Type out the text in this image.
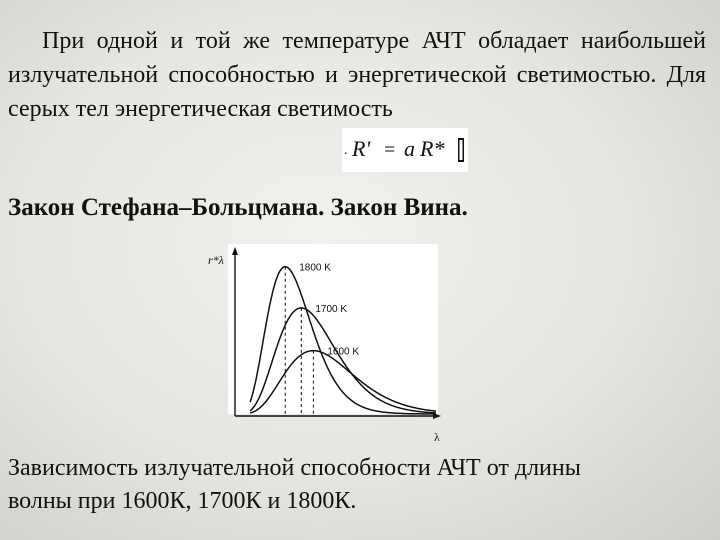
При одной и той же температуре АЧТ обладает наибольшей излучательной способностью и энергетической светимостью. Для серых тел энергетическая светимость
. R' = a R*
Закон Стефана–Больцмана. Закон Вина.
r*λ
λ
1800 K
1700 K
1600 K
Зависимость излучательной способности АЧТ от длины
волны при 1600К, 1700К и 1800К.
